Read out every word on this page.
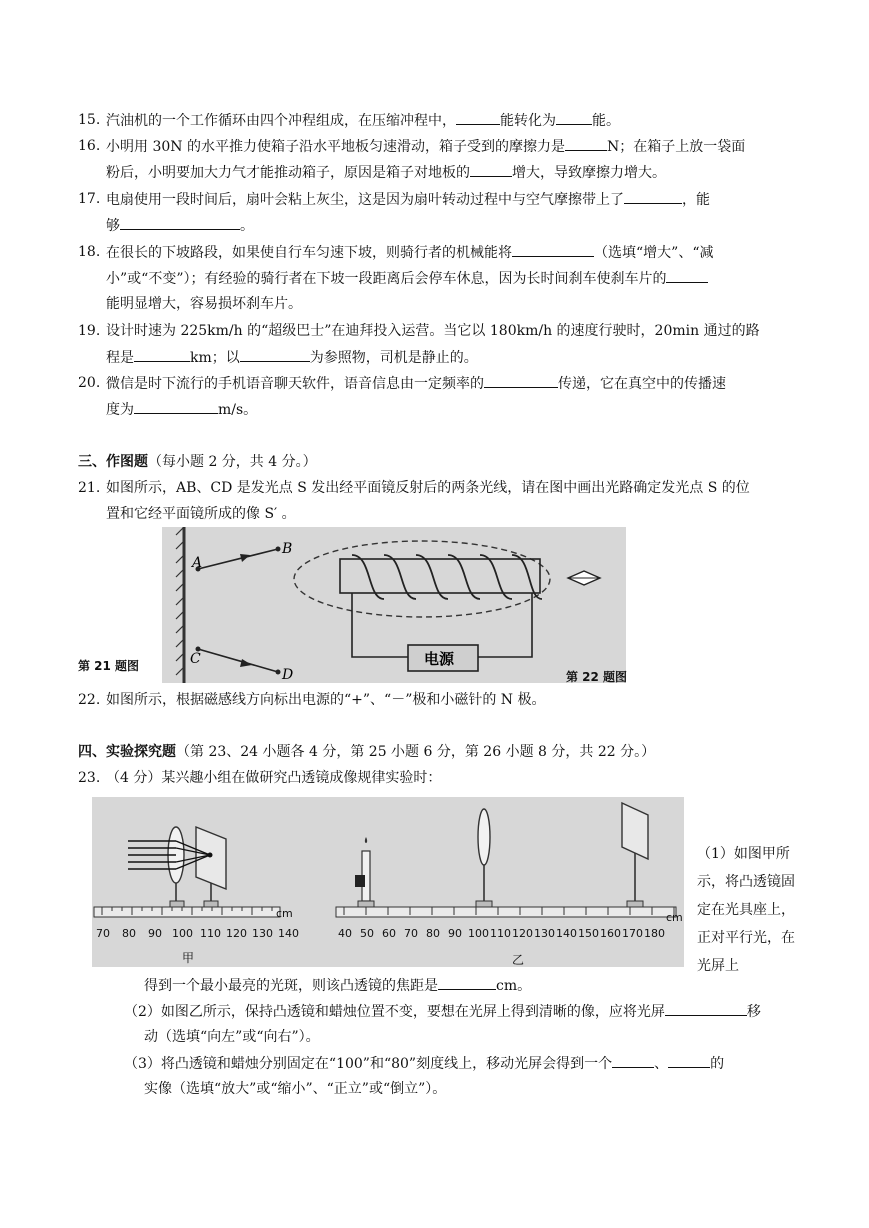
15. 汽油机的一个工作循环由四个冲程组成，在压缩冲程中，	能转化为	能。
16. 小明用 30N 的水平推力使箱子沿水平地板匀速滑动，箱子受到的摩擦力是	N；在箱子上放一袋面
粉后，小明要加大力气才能推动箱子，原因是箱子对地板的	增大，导致摩擦力增大。
17. 电扇使用一段时间后，扇叶会粘上灰尘，这是因为扇叶转动过程中与空气摩擦带上了	，能
够	。
18. 在很长的下坡路段，如果使自行车匀速下坡，则骑行者的机械能将	（选填“增大”、“减
小”或“不变”）；有经验的骑行者在下坡一段距离后会停车休息，因为长时间刹车使刹车片的
能明显增大，容易损坏刹车片。
19. 设计时速为 225km/h 的“超级巴士”在迪拜投入运营。当它以 180km/h 的速度行驶时，20min 通过的路
程是	km；以	为参照物，司机是静止的。
20. 微信是时下流行的手机语音聊天软件，语音信息由一定频率的	传递，它在真空中的传播速
度为	m/s。
三、作图题（每小题 2 分，共 4 分。）
21. 如图所示，AB、CD 是发光点 S 发出经平面镜反射后的两条光线，请在图中画出光路确定发光点 S 的位
置和它经平面镜所成的像 S′ 。
A
B
C
D
电源
第 21 题图
第 22 题图
22. 如图所示，根据磁感线方向标出电源的“+”、“－”极和小磁针的 N 极。
四、实验探究题（第 23、24 小题各 4 分，第 25 小题 6 分，第 26 小题 8 分，共 22 分。）
23. （4 分）某兴趣小组在做研究凸透镜成像规律实验时：
70 80 90 100 110 120 130
cm
140
甲
40 50 60 70 80 90 100 110 120 130 140 150 160 170 180
cm
乙
（1）如图甲所示，将凸透镜固定在光具座上，正对平行光，在光屏上
得到一个最小最亮的光斑，则该凸透镜的焦距是	cm。
（2）如图乙所示，保持凸透镜和蜡烛位置不变，要想在光屏上得到清晰的像，应将光屏	移
动（选填“向左”或“向右”）。
（3）将凸透镜和蜡烛分别固定在“100”和“80”刻度线上，移动光屏会得到一个	、	的
实像（选填“放大”或“缩小”、“正立”或“倒立”）。
